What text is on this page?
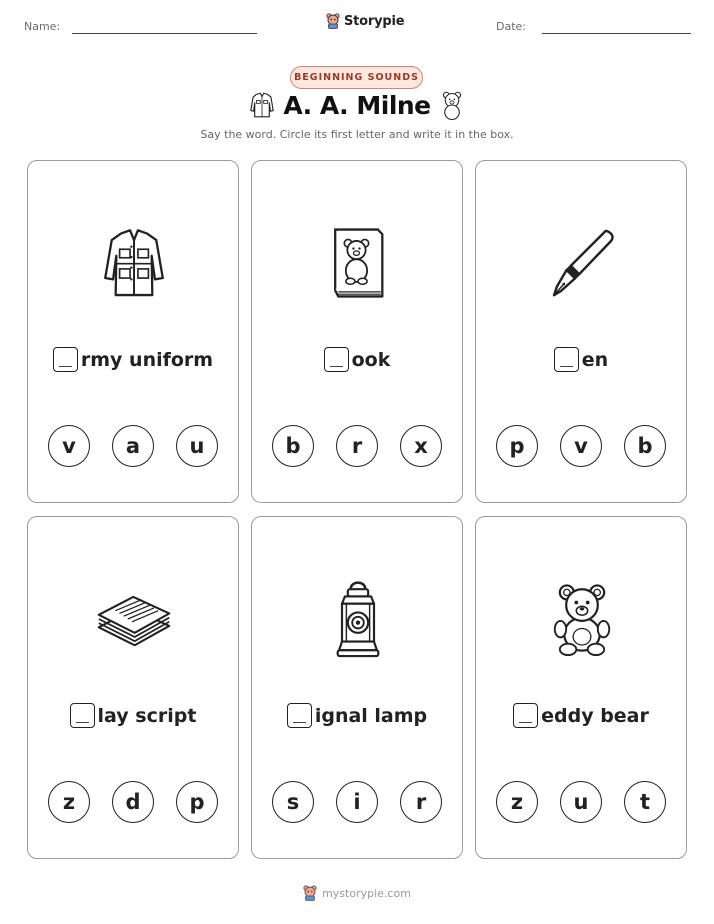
Name:	Storypie	Date:
BEGINNING SOUNDS
A. A. Milne
Say the word. Circle its first letter and write it in the box.
rmy uniform
v	a	u
ook
b	r	x
en
p	v	b
lay script
z	d	p
ignal lamp
s	i	r
eddy bear
z	u	t
mystorypie.com
